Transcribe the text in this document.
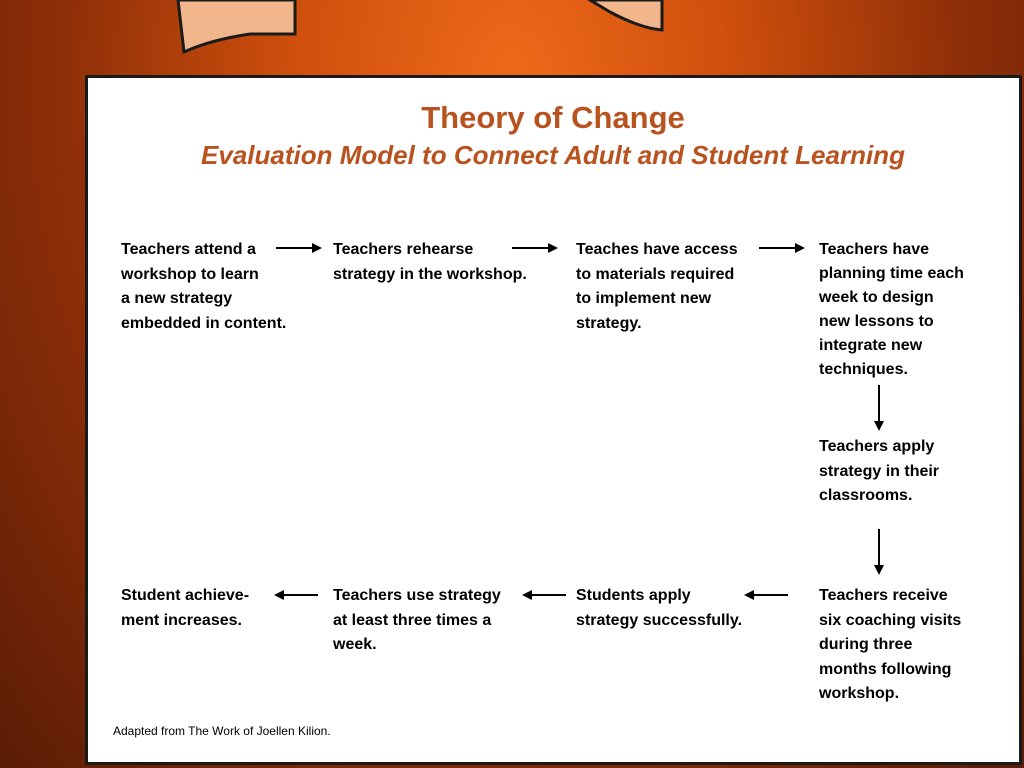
Theory of Change
Evaluation Model to Connect Adult and Student Learning

Teachers attend a
workshop to learn
a new strategy
embedded in content.

Teachers rehearse
strategy in the workshop.

Teaches have access
to materials required
to implement new
strategy.

Teachers have
planning time each
week to design
new lessons to
integrate new
techniques.

Teachers apply
strategy in their
classrooms.

Teachers receive
six coaching visits
during three
months following
workshop.

Students apply
strategy successfully.

Teachers use strategy
at least three times a
week.

Student achieve-
ment increases.

Adapted from The Work of Joellen Kilion.
